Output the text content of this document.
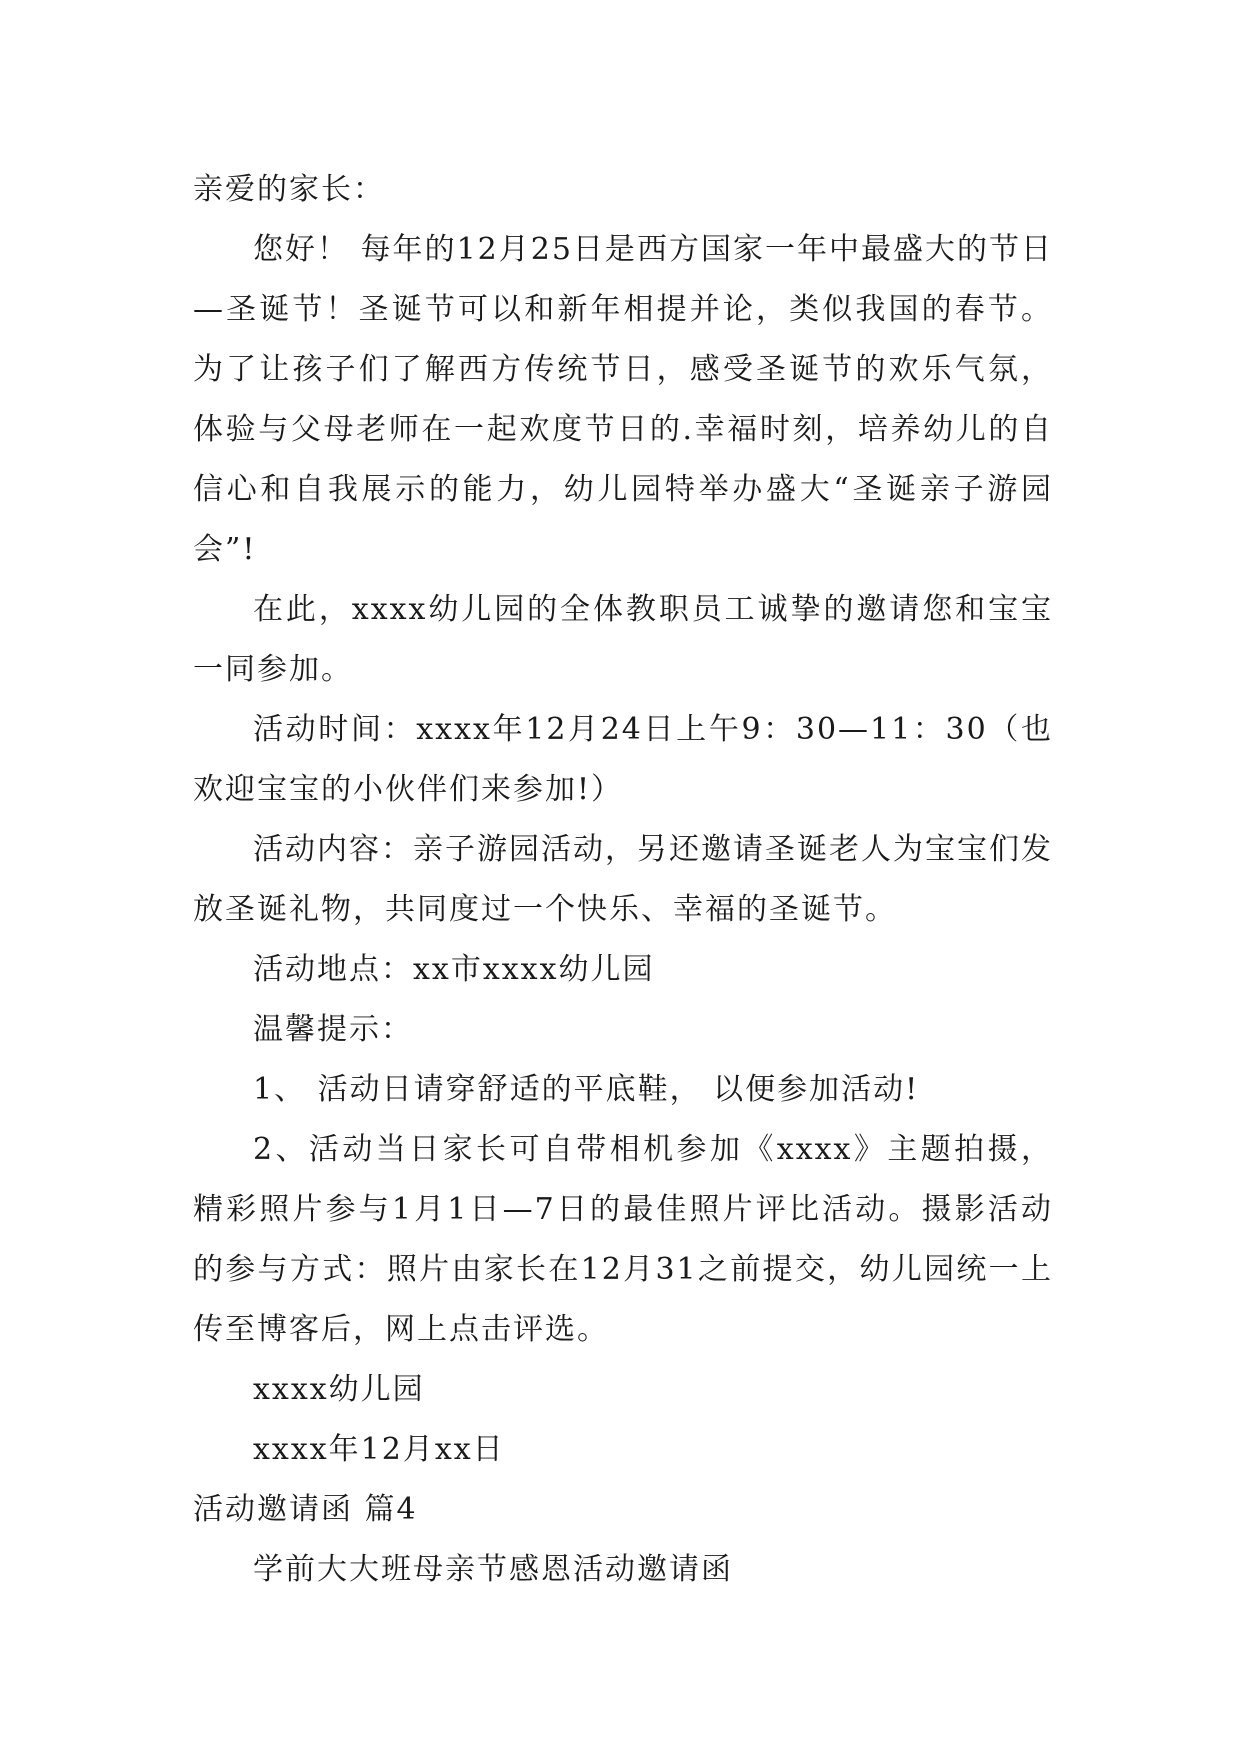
亲爱的家长：

您好！ 每年的12月25日是西方国家一年中最盛大的节日—圣诞节！圣诞节可以和新年相提并论，类似我国的春节。为了让孩子们了解西方传统节日，感受圣诞节的欢乐气氛，体验与父母老师在一起欢度节日的.幸福时刻，培养幼儿的自信心和自我展示的能力，幼儿园特举办盛大“圣诞亲子游园会”!

在此，xxxx幼儿园的全体教职员工诚挚的邀请您和宝宝一同参加。

活动时间：xxxx年12月24日上午9：30—11：30（也欢迎宝宝的小伙伴们来参加!）

活动内容：亲子游园活动，另还邀请圣诞老人为宝宝们发放圣诞礼物，共同度过一个快乐、幸福的圣诞节。

活动地点：xx市xxxx幼儿园

温馨提示：

1、 活动日请穿舒适的平底鞋， 以便参加活动!

2、活动当日家长可自带相机参加《xxxx》主题拍摄，精彩照片参与1月1日—7日的最佳照片评比活动。摄影活动的参与方式：照片由家长在12月31之前提交，幼儿园统一上传至博客后，网上点击评选。

xxxx幼儿园

xxxx年12月xx日

活动邀请函 篇4

学前大大班母亲节感恩活动邀请函
